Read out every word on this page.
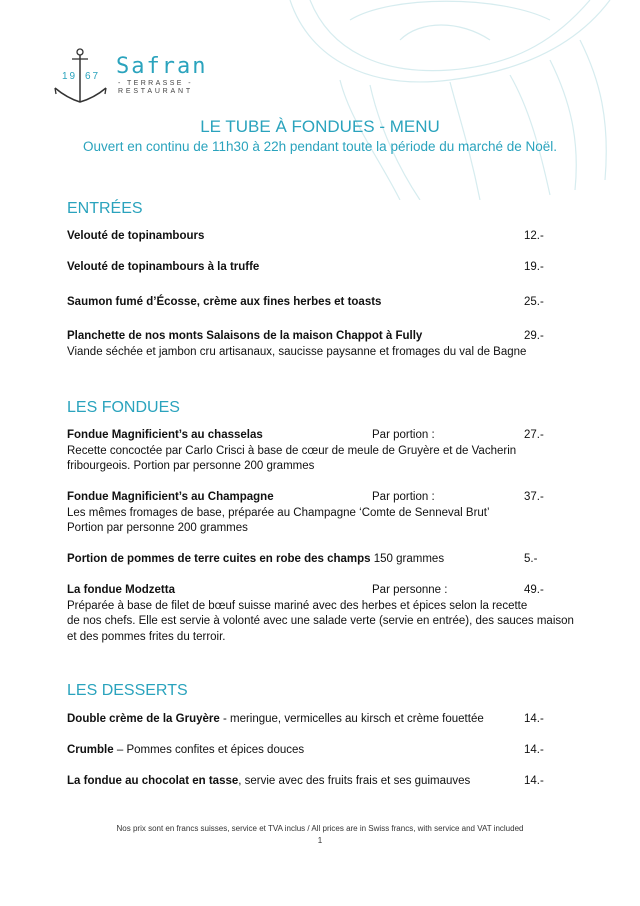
19 67 Safran
- TERRASSE -
RESTAURANT
LE TUBE À FONDUES - MENU
Ouvert en continu de 11h30 à 22h pendant toute la période du marché de Noël.
ENTRÉES
Velouté de topinambours	12.-
Velouté de topinambours à la truffe	19.-
Saumon fumé d’Écosse, crème aux fines herbes et toasts	25.-
Planchette de nos monts Salaisons de la maison Chappot à Fully	29.-
Viande séchée et jambon cru artisanaux, saucisse paysanne et fromages du val de Bagne
LES FONDUES
Fondue Magnificient’s au chasselas	Par portion :	27.-
Recette concoctée par Carlo Crisci à base de cœur de meule de Gruyère et de Vacherin fribourgeois. Portion par personne 200 grammes
Fondue Magnificient’s au Champagne	Par portion :	37.-
Les mêmes fromages de base, préparée au Champagne ‘Comte de Senneval Brut’
Portion par personne 200 grammes
Portion de pommes de terre cuites en robe des champs 150 grammes	5.-
La fondue Modzetta	Par personne :	49.-
Préparée à base de filet de bœuf suisse mariné avec des herbes et épices selon la recette
de nos chefs. Elle est servie à volonté avec une salade verte (servie en entrée), des sauces maison
et des pommes frites du terroir.
LES DESSERTS
Double crème de la Gruyère - meringue, vermicelles au kirsch et crème fouettée	14.-
Crumble – Pommes confites et épices douces	14.-
La fondue au chocolat en tasse, servie avec des fruits frais et ses guimauves	14.-
Nos prix sont en francs suisses, service et TVA inclus / All prices are in Swiss francs, with service and VAT included
1
